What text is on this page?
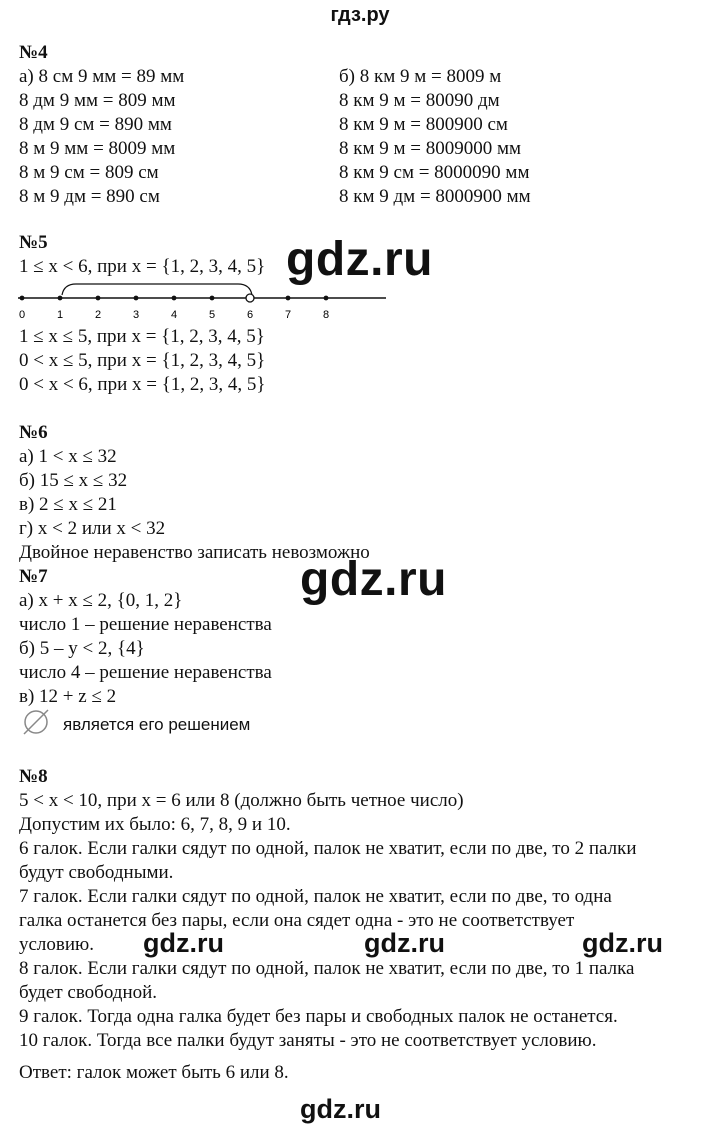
гдз.ру
№4
а) 8 см 9 мм = 89 мм
8 дм 9 мм = 809 мм
8 дм 9 см = 890 мм
8 м 9 мм = 8009 мм
8 м 9 см = 809 см
8 м 9 дм = 890 см
б) 8 км 9 м = 8009 м
8 км 9 м = 80090 дм
8 км 9 м = 800900 см
8 км 9 м = 8009000 мм
8 км 9 см = 8000090 мм
8 км 9 дм = 8000900 мм
№5
1 ≤ x < 6, при x = {1, 2, 3, 4, 5}
1 ≤ x ≤ 5, при x = {1, 2, 3, 4, 5}
0 < x ≤ 5, при x = {1, 2, 3, 4, 5}
0 < x < 6, при x = {1, 2, 3, 4, 5}
№6
а) 1 < x ≤ 32
б) 15 ≤ x ≤ 32
в) 2 ≤ x ≤ 21
г) x < 2 или x < 32
Двойное неравенство записать невозможно
№7
а) x + x ≤ 2, {0, 1, 2}
число 1 – решение неравенства
б) 5 – y < 2, {4}
число 4 – решение неравенства
в) 12 + z ≤ 2
является его решением
№8
5 < x < 10, при x = 6 или 8 (должно быть четное число)
Допустим их было: 6, 7, 8, 9 и 10.
6 галок. Если галки сядут по одной, палок не хватит, если по две, то 2 палки
будут свободными.
7 галок. Если галки сядут по одной, палок не хватит, если по две, то одна
галка останется без пары, если она сядет одна - это не соответствует
условию.
8 галок. Если галки сядут по одной, палок не хватит, если по две, то 1 палка
будет свободной.
9 галок. Тогда одна галка будет без пары и свободных палок не останется.
10 галок. Тогда все палки будут заняты - это не соответствует условию.
Ответ: галок может быть 6 или 8.
0	1	2	3	4	5	6	7	8
gdz.ru
gdz.ru
gdz.ru	gdz.ru	gdz.ru
gdz.ru
